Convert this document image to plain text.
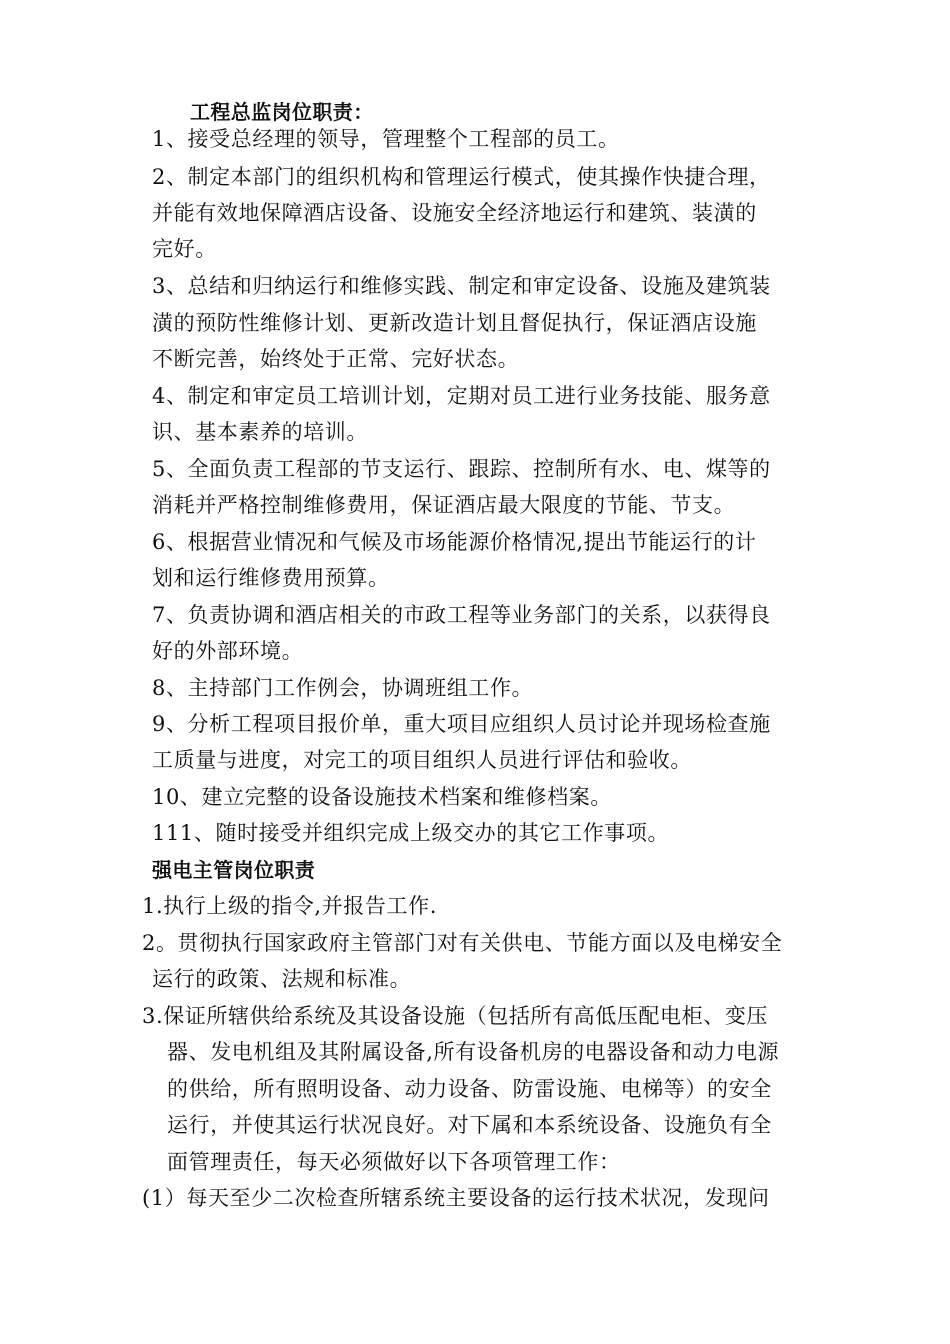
工程总监岗位职责：
1、接受总经理的领导，管理整个工程部的员工。
2、制定本部门的组织机构和管理运行模式，使其操作快捷合理，
并能有效地保障酒店设备、设施安全经济地运行和建筑、装潢的
完好。
3、总结和归纳运行和维修实践、制定和审定设备、设施及建筑装
潢的预防性维修计划、更新改造计划且督促执行，保证酒店设施
不断完善，始终处于正常、完好状态。
4、制定和审定员工培训计划，定期对员工进行业务技能、服务意
识、基本素养的培训。
5、全面负责工程部的节支运行、跟踪、控制所有水、电、煤等的
消耗并严格控制维修费用，保证酒店最大限度的节能、节支。
6、根据营业情况和气候及市场能源价格情况,提出节能运行的计
划和运行维修费用预算。
7、负责协调和酒店相关的市政工程等业务部门的关系，以获得良
好的外部环境。
8、主持部门工作例会，协调班组工作。
9、分析工程项目报价单，重大项目应组织人员讨论并现场检查施
工质量与进度，对完工的项目组织人员进行评估和验收。
10、建立完整的设备设施技术档案和维修档案。
111、随时接受并组织完成上级交办的其它工作事项。
强电主管岗位职责
1.执行上级的指令,并报告工作.
2。贯彻执行国家政府主管部门对有关供电、节能方面以及电梯安全
运行的政策、法规和标准。
3.保证所辖供给系统及其设备设施（包括所有高低压配电柜、变压
器、发电机组及其附属设备,所有设备机房的电器设备和动力电源
的供给，所有照明设备、动力设备、防雷设施、电梯等）的安全
运行，并使其运行状况良好。对下属和本系统设备、设施负有全
面管理责任，每天必须做好以下各项管理工作：
(1）每天至少二次检查所辖系统主要设备的运行技术状况，发现问
